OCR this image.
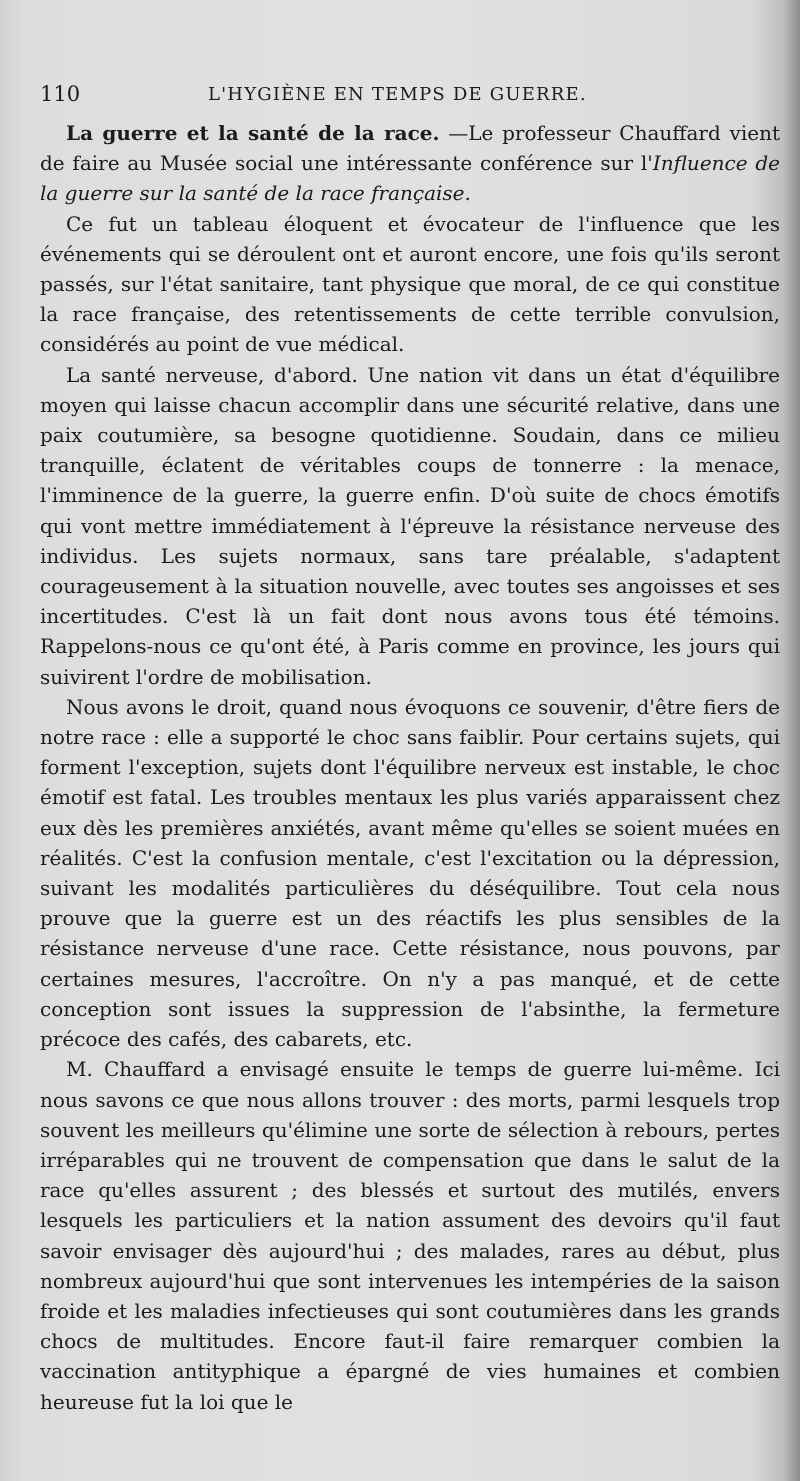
110	L'HYGIÈNE EN TEMPS DE GUERRE.

La guerre et la santé de la race. —Le professeur Chauffard vient de faire au Musée social une intéressante conférence sur l'Influence de la guerre sur la santé de la race française.

Ce fut un tableau éloquent et évocateur de l'influence que les événements qui se déroulent ont et auront encore, une fois qu'ils seront passés, sur l'état sanitaire, tant physique que moral, de ce qui constitue la race française, des retentissements de cette terrible convulsion, considérés au point de vue médical.

La santé nerveuse, d'abord. Une nation vit dans un état d'équilibre moyen qui laisse chacun accomplir dans une sécurité relative, dans une paix coutumière, sa besogne quotidienne. Soudain, dans ce milieu tranquille, éclatent de véritables coups de tonnerre : la menace, l'imminence de la guerre, la guerre enfin. D'où suite de chocs émotifs qui vont mettre immédiatement à l'épreuve la résistance nerveuse des individus. Les sujets normaux, sans tare préalable, s'adaptent courageusement à la situation nouvelle, avec toutes ses angoisses et ses incertitudes. C'est là un fait dont nous avons tous été témoins. Rappelons-nous ce qu'ont été, à Paris comme en province, les jours qui suivirent l'ordre de mobilisation.

Nous avons le droit, quand nous évoquons ce souvenir, d'être fiers de notre race : elle a supporté le choc sans faiblir. Pour certains sujets, qui forment l'exception, sujets dont l'équilibre nerveux est instable, le choc émotif est fatal. Les troubles mentaux les plus variés apparaissent chez eux dès les premières anxiétés, avant même qu'elles se soient muées en réalités. C'est la confusion mentale, c'est l'excitation ou la dépression, suivant les modalités particulières du déséquilibre. Tout cela nous prouve que la guerre est un des réactifs les plus sensibles de la résistance nerveuse d'une race. Cette résistance, nous pouvons, par certaines mesures, l'accroître. On n'y a pas manqué, et de cette conception sont issues la suppression de l'absinthe, la fermeture précoce des cafés, des cabarets, etc.

M. Chauffard a envisagé ensuite le temps de guerre lui-même. Ici nous savons ce que nous allons trouver : des morts, parmi lesquels trop souvent les meilleurs qu'élimine une sorte de sélection à rebours, pertes irréparables qui ne trouvent de compensation que dans le salut de la race qu'elles assurent ; des blessés et surtout des mutilés, envers lesquels les particuliers et la nation assument des devoirs qu'il faut savoir envisager dès aujourd'hui ; des malades, rares au début, plus nombreux aujourd'hui que sont intervenues les intempéries de la saison froide et les maladies infectieuses qui sont coutumières dans les grands chocs de multitudes. Encore faut-il faire remarquer combien la vaccination antityphique a épargné de vies humaines et combien heureuse fut la loi que le
